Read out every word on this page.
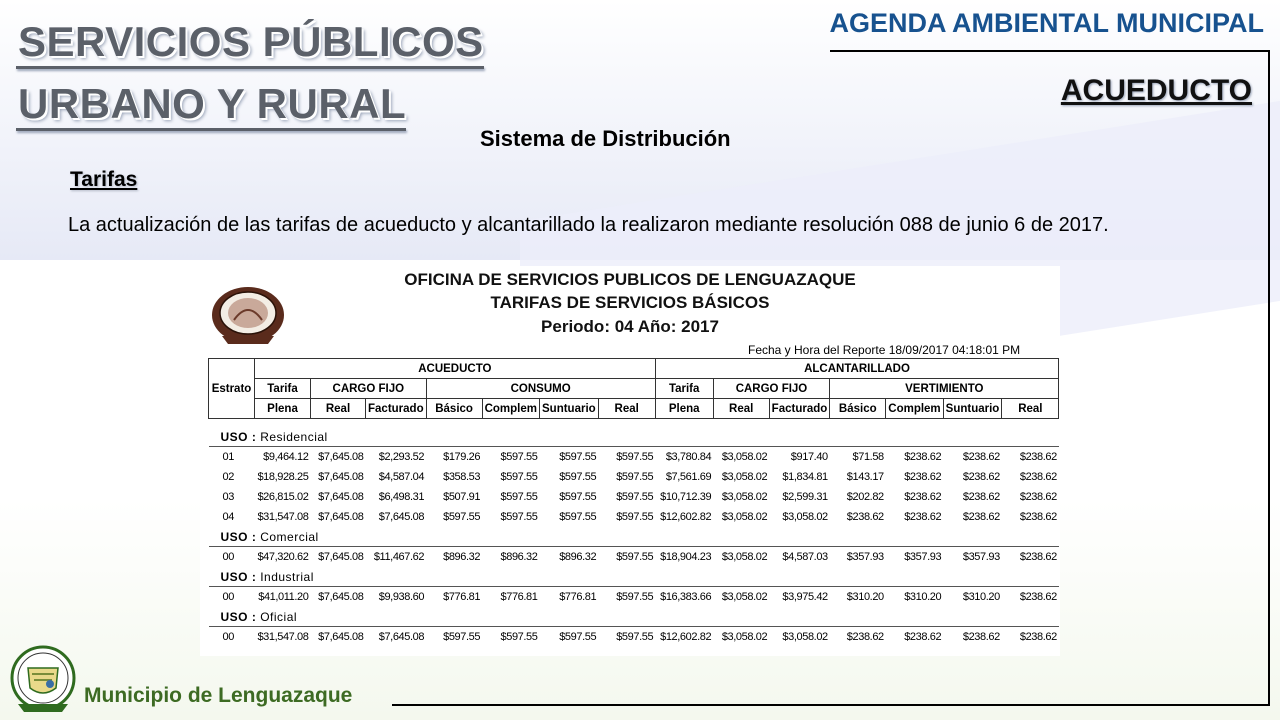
SERVICIOS PÚBLICOS
URBANO Y RURAL
AGENDA AMBIENTAL MUNICIPAL
ACUEDUCTO
Sistema de Distribución
Tarifas
La actualización de las tarifas de acueducto y alcantarillado la realizaron mediante resolución 088 de junio 6 de 2017.
OFICINA DE SERVICIOS PUBLICOS DE LENGUAZAQUE
TARIFAS DE SERVICIOS BÁSICOS
Periodo: 04 Año: 2017
Fecha y Hora del Reporte 18/09/2017 04:18:01 PM
Estrato	ACUEDUCTO							ALCANTARILLADO						
	Tarifa	CARGO FIJO		CONSUMO				Tarifa	CARGO FIJO		VERTIMIENTO			
	Plena	Real	Facturado	Básico	Complem	Suntuario	Real	Plena	Real	Facturado	Básico	Complem	Suntuario	Real

USO : Residencial														
01	$9,464.12	$7,645.08	$2,293.52	$179.26	$597.55	$597.55	$597.55	$3,780.84	$3,058.02	$917.40	$71.58	$238.62	$238.62	$238.62
02	$18,928.25	$7,645.08	$4,587.04	$358.53	$597.55	$597.55	$597.55	$7,561.69	$3,058.02	$1,834.81	$143.17	$238.62	$238.62	$238.62
03	$26,815.02	$7,645.08	$6,498.31	$507.91	$597.55	$597.55	$597.55	$10,712.39	$3,058.02	$2,599.31	$202.82	$238.62	$238.62	$238.62
04	$31,547.08	$7,645.08	$7,645.08	$597.55	$597.55	$597.55	$597.55	$12,602.82	$3,058.02	$3,058.02	$238.62	$238.62	$238.62	$238.62
USO : Comercial														
00	$47,320.62	$7,645.08	$11,467.62	$896.32	$896.32	$896.32	$597.55	$18,904.23	$3,058.02	$4,587.03	$357.93	$357.93	$357.93	$238.62
USO : Industrial														
00	$41,011.20	$7,645.08	$9,938.60	$776.81	$776.81	$776.81	$597.55	$16,383.66	$3,058.02	$3,975.42	$310.20	$310.20	$310.20	$238.62
USO : Oficial														
00	$31,547.08	$7,645.08	$7,645.08	$597.55	$597.55	$597.55	$597.55	$12,602.82	$3,058.02	$3,058.02	$238.62	$238.62	$238.62	$238.62
Municipio de Lenguazaque
